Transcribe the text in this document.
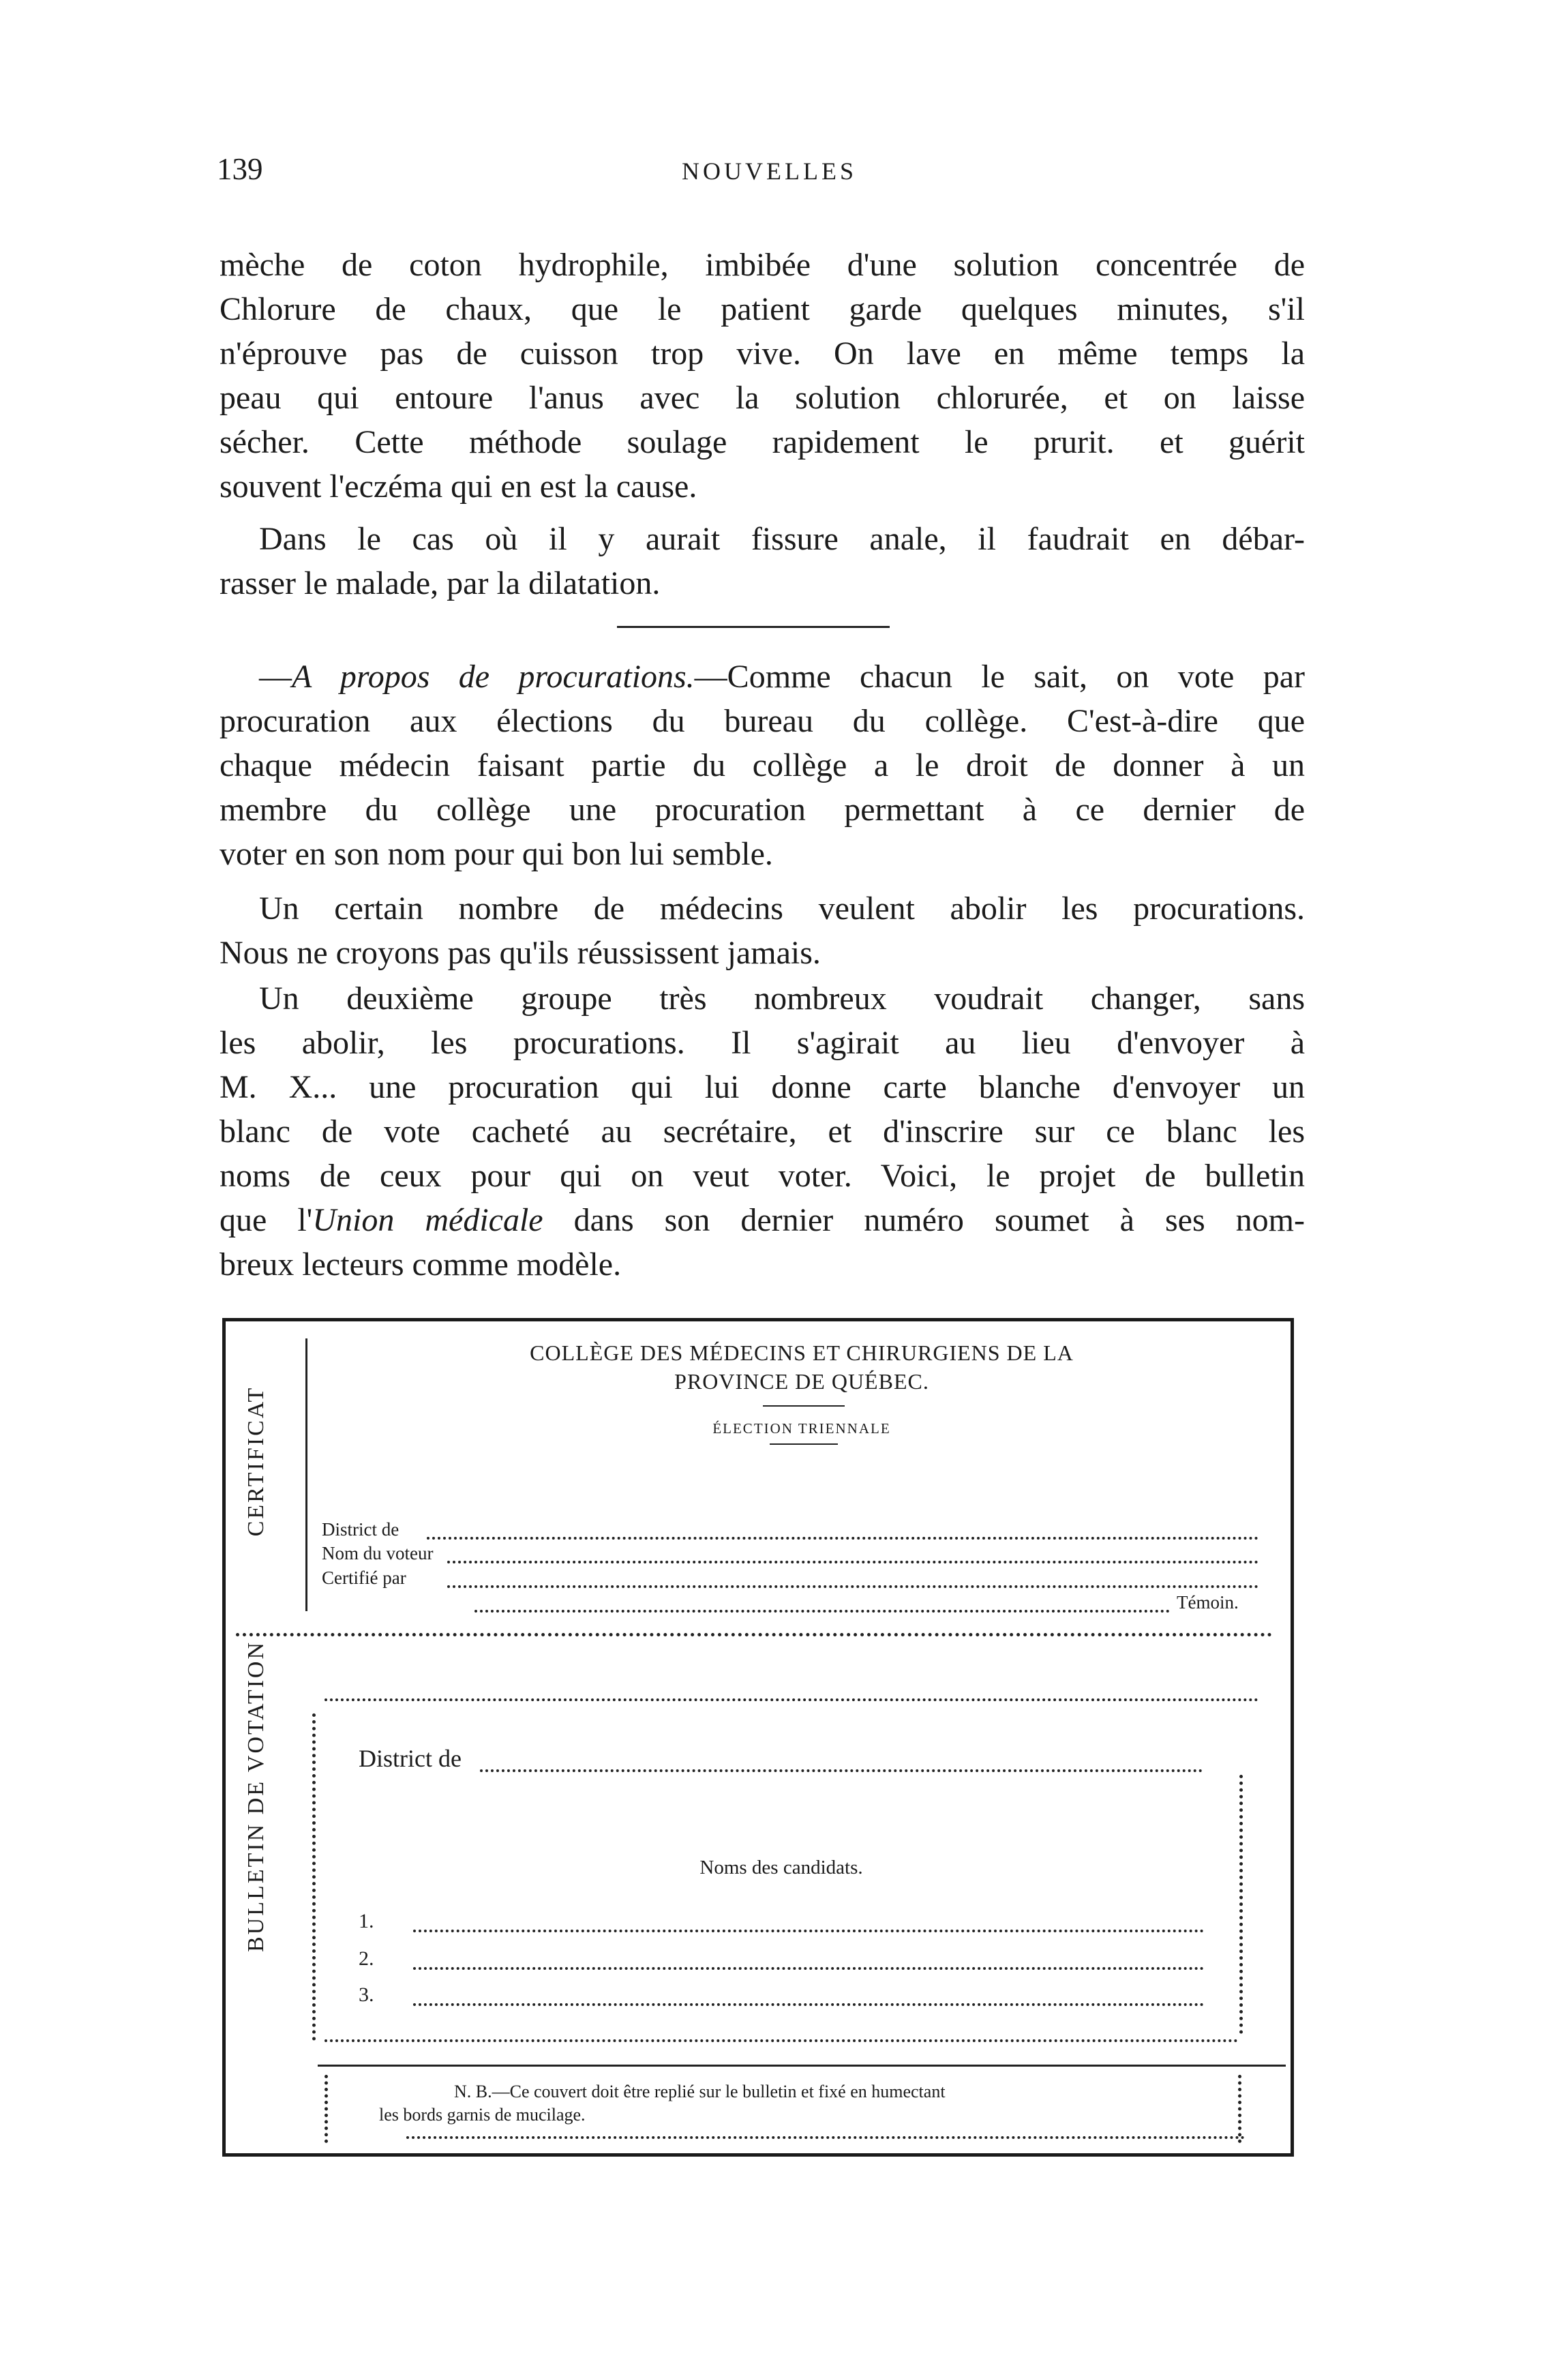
139	NOUVELLES
mèche de coton hydrophile, imbibée d'une solution concentrée de
Chlorure de chaux, que le patient garde quelques minutes, s'il
n'éprouve pas de cuisson trop vive. On lave en même temps la
peau qui entoure l'anus avec la solution chlorurée, et on laisse
sécher. Cette méthode soulage rapidement le prurit. et guérit
souvent l'eczéma qui en est la cause.
Dans le cas où il y aurait fissure anale, il faudrait en débar-
rasser le malade, par la dilatation.
—A propos de procurations.—Comme chacun le sait, on vote par
procuration aux élections du bureau du collège. C'est-à-dire que
chaque médecin faisant partie du collège a le droit de donner à un
membre du collège une procuration permettant à ce dernier de
voter en son nom pour qui bon lui semble.
Un certain nombre de médecins veulent abolir les procurations.
Nous ne croyons pas qu'ils réussissent jamais.
Un deuxième groupe très nombreux voudrait changer, sans
les abolir, les procurations. Il s'agirait au lieu d'envoyer à
M. X... une procuration qui lui donne carte blanche d'envoyer un
blanc de vote cacheté au secrétaire, et d'inscrire sur ce blanc les
noms de ceux pour qui on veut voter. Voici, le projet de bulletin
que l'Union médicale dans son dernier numéro soumet à ses nom-
breux lecteurs comme modèle.
CERTIFICAT
COLLÈGE DES MÉDECINS ET CHIRURGIENS DE LA
PROVINCE DE QUÉBEC.
ÉLECTION TRIENNALE
District de
Nom du voteur
Certifié par
Témoin.
BULLETIN DE VOTATION	District de
Noms des candidats.
1.
2.
3.
N. B.—Ce couvert doit être replié sur le bulletin et fixé en humectant
les bords garnis de mucilage.
